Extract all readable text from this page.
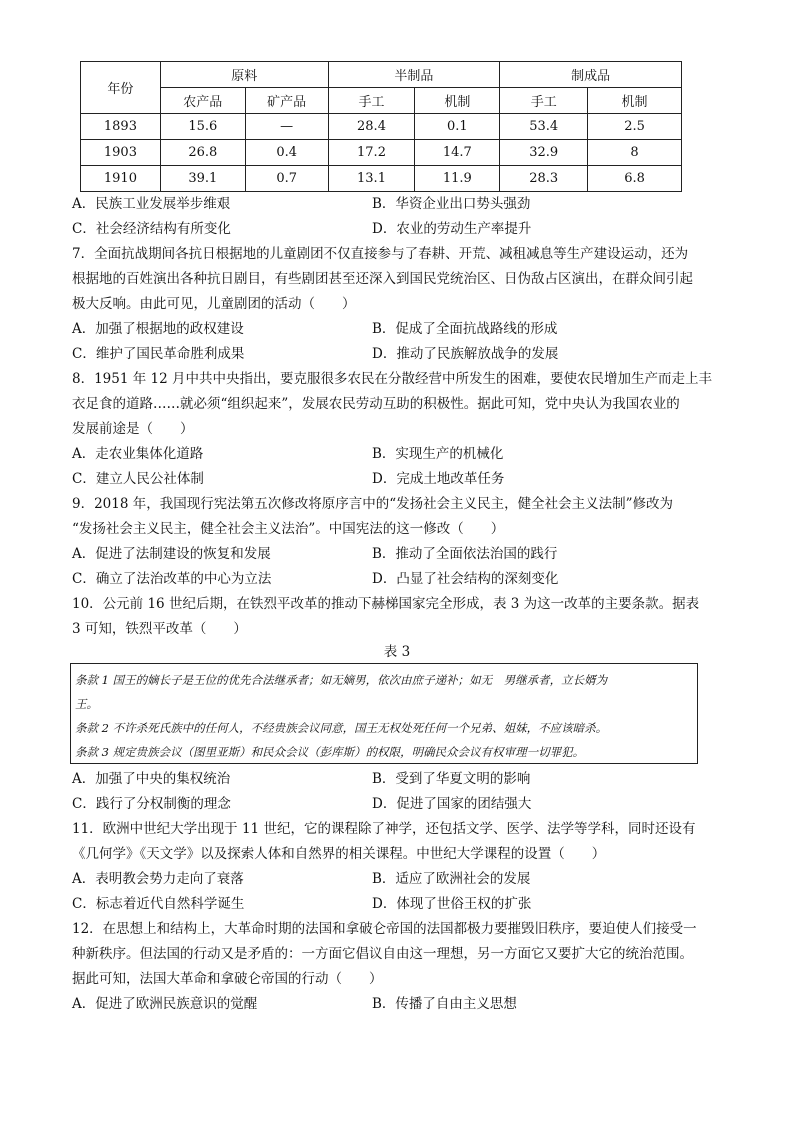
年份	原料		半制品		制成品	
	农产品	矿产品	手工	机制	手工	机制
1893	15.6	—	28.4	0.1	53.4	2.5
1903	26.8	0.4	17.2	14.7	32.9	8
1910	39.1	0.7	13.1	11.9	28.3	6.8
A．民族工业发展举步维艰	B．华资企业出口势头强劲
C．社会经济结构有所变化	D．农业的劳动生产率提升
7．全面抗战期间各抗日根据地的儿童剧团不仅直接参与了春耕、开荒、减租减息等生产建设运动，还为
根据地的百姓演出各种抗日剧目，有些剧团甚至还深入到国民党统治区、日伪敌占区演出，在群众间引起
极大反响。由此可见，儿童剧团的活动（　　）
A．加强了根据地的政权建设	B．促成了全面抗战路线的形成
C．维护了国民革命胜利成果	D．推动了民族解放战争的发展
8．1951 年 12 月中共中央指出，要克服很多农民在分散经营中所发生的困难，要使农民增加生产而走上丰
衣足食的道路……就必须“组织起来”，发展农民劳动互助的积极性。据此可知，党中央认为我国农业的
发展前途是（　　）
A．走农业集体化道路	B．实现生产的机械化
C．建立人民公社体制	D．完成土地改革任务
9．2018 年，我国现行宪法第五次修改将原序言中的“发扬社会主义民主，健全社会主义法制”修改为
“发扬社会主义民主，健全社会主义法治”。中国宪法的这一修改（　　）
A．促进了法制建设的恢复和发展	B．推动了全面依法治国的践行
C．确立了法治改革的中心为立法	D．凸显了社会结构的深刻变化
10．公元前 16 世纪后期，在铁烈平改革的推动下赫梯国家完全形成，表 3 为这一改革的主要条款。据表
3 可知，铁烈平改革（　　）
表 3
条款 1 国王的嫡长子是王位的优先合法继承者；如无嫡男，依次由庶子递补；如无　男继承者，立长婿为
王。
条款 2 不许杀死氏族中的任何人，不经贵族会议同意，国王无权处死任何一个兄弟、姐妹，不应该暗杀。
条款 3 规定贵族会议（图里亚斯）和民众会议（彭库斯）的权限，明确民众会议有权审理一切罪犯。
A．加强了中央的集权统治	B．受到了华夏文明的影响
C．践行了分权制衡的理念	D．促进了国家的团结强大
11．欧洲中世纪大学出现于 11 世纪，它的课程除了神学，还包括文学、医学、法学等学科，同时还设有
《几何学》《天文学》以及探索人体和自然界的相关课程。中世纪大学课程的设置（　　）
A．表明教会势力走向了衰落	B．适应了欧洲社会的发展
C．标志着近代自然科学诞生	D．体现了世俗王权的扩张
12．在思想上和结构上，大革命时期的法国和拿破仑帝国的法国都极力要摧毁旧秩序，要迫使人们接受一
种新秩序。但法国的行动又是矛盾的：一方面它倡议自由这一理想，另一方面它又要扩大它的统治范围。
据此可知，法国大革命和拿破仑帝国的行动（　　）
A．促进了欧洲民族意识的觉醒	B．传播了自由主义思想
